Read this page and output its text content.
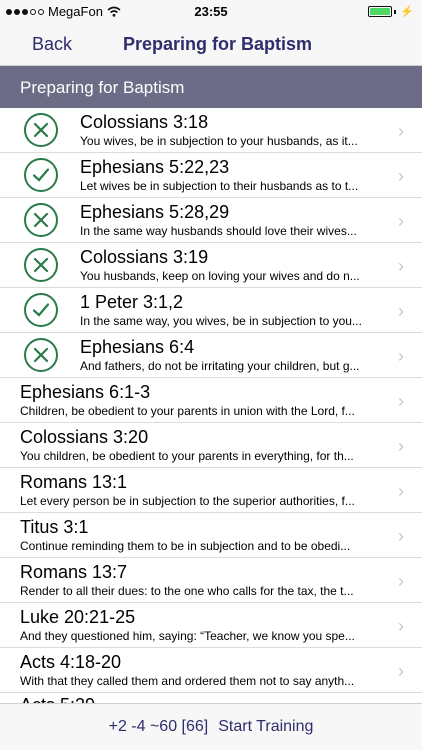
MegaFon	23:55	⚡
Back	Preparing for Baptism
Preparing for Baptism
Colossians 3:18
You wives, be in subjection to your husbands, as it...	›
Ephesians 5:22,23
Let wives be in subjection to their husbands as to t...	›
Ephesians 5:28,29
In the same way husbands should love their wives...	›
Colossians 3:19
You husbands, keep on loving your wives and do n...	›
1 Peter 3:1,2
In the same way, you wives, be in subjection to you...	›
Ephesians 6:4
And fathers, do not be irritating your children, but g...	›
Ephesians 6:1-3
Children, be obedient to your parents in union with the Lord, f...	›
Colossians 3:20
You children, be obedient to your parents in everything, for th...	›
Romans 13:1
Let every person be in subjection to the superior authorities, f...	›
Titus 3:1
Continue reminding them to be in subjection and to be obedi...	›
Romans 13:7
Render to all their dues: to the one who calls for the tax, the t...	›
Luke 20:21-25
And they questioned him, saying: “Teacher, we know you spe...	›
Acts 4:18-20
With that they called them and ordered them not to say anyth...	›
+2 -4 ~60 [66] Start Training
